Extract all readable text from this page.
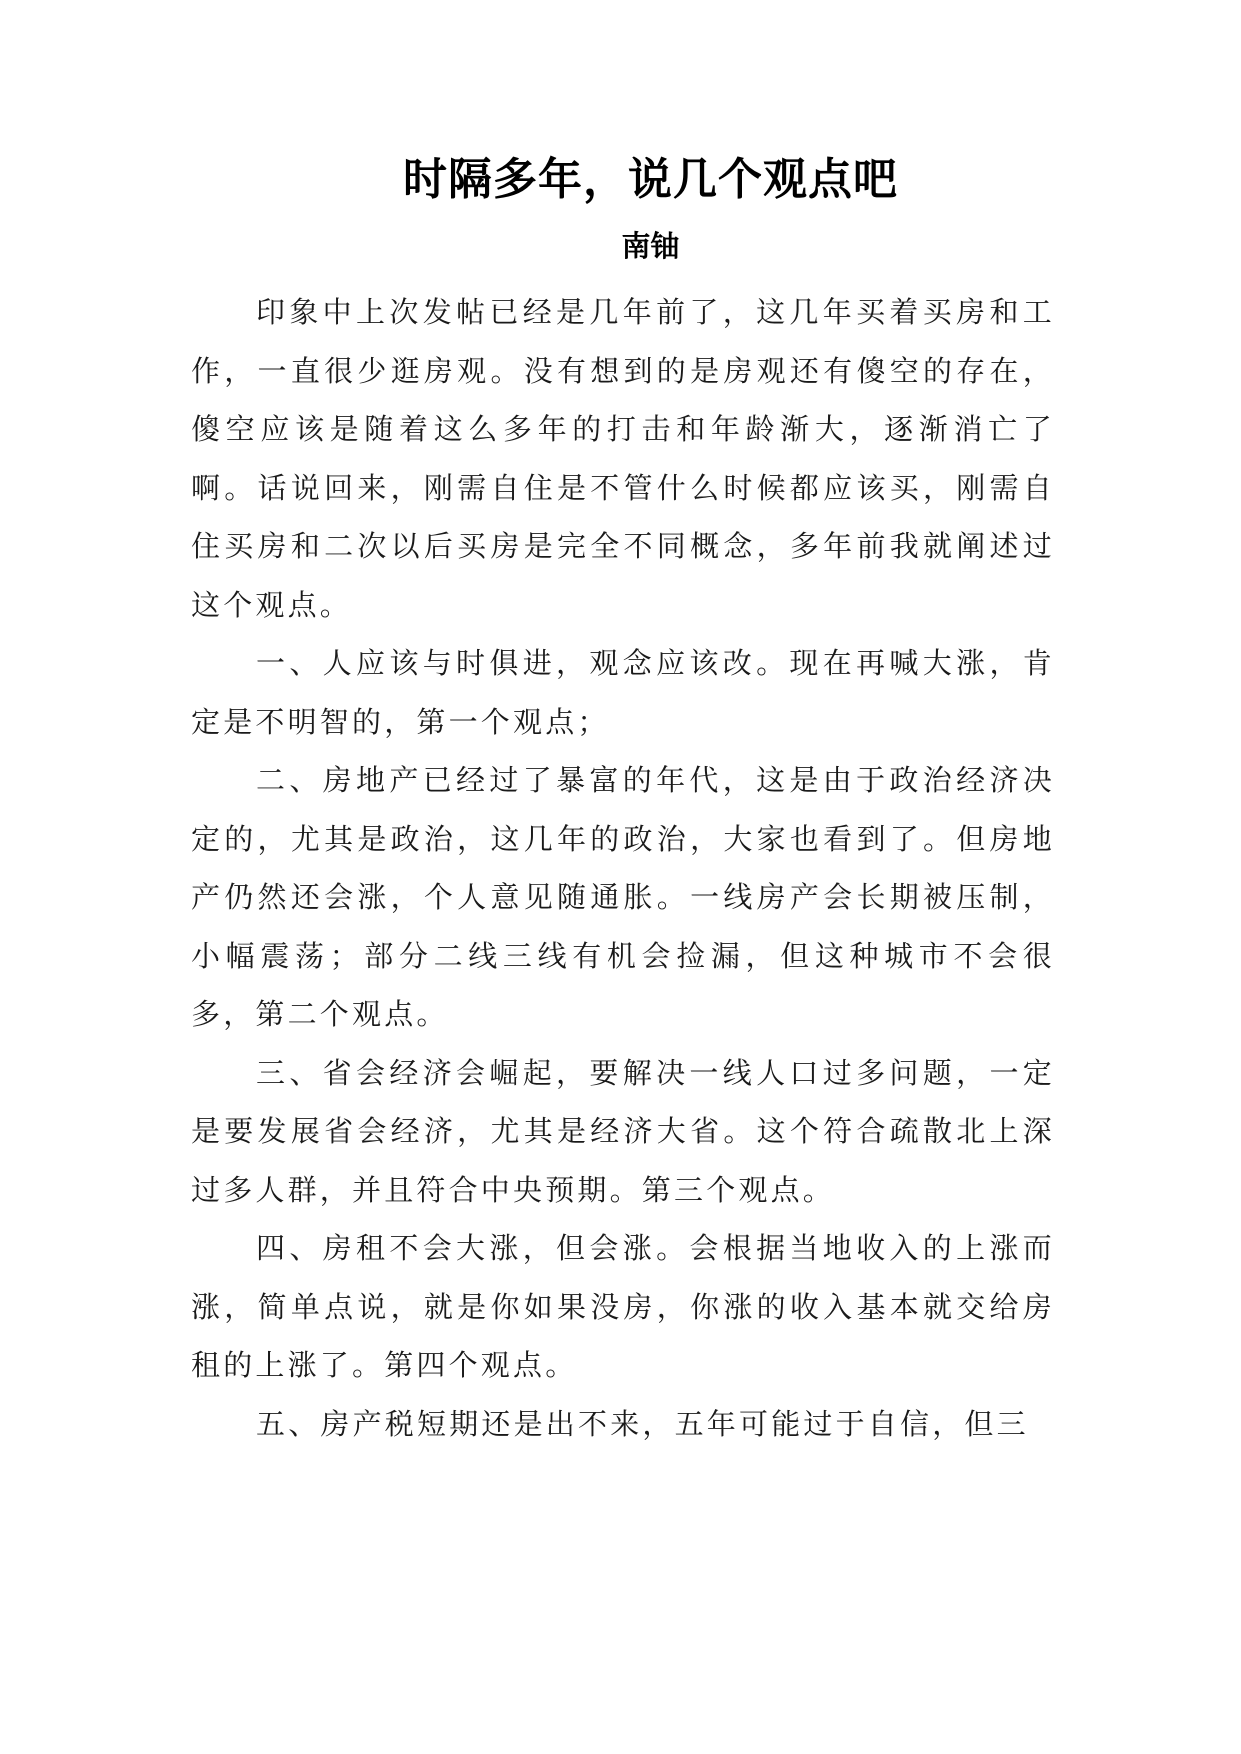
时隔多年，说几个观点吧
南铀

印象中上次发帖已经是几年前了，这几年买着买房和工作，一直很少逛房观。没有想到的是房观还有傻空的存在，傻空应该是随着这么多年的打击和年龄渐大，逐渐消亡了啊。话说回来，刚需自住是不管什么时候都应该买，刚需自住买房和二次以后买房是完全不同概念，多年前我就阐述过这个观点。

一、人应该与时俱进，观念应该改。现在再喊大涨，肯定是不明智的，第一个观点；

二、房地产已经过了暴富的年代，这是由于政治经济决定的，尤其是政治，这几年的政治，大家也看到了。但房地产仍然还会涨，个人意见随通胀。一线房产会长期被压制，小幅震荡；部分二线三线有机会捡漏，但这种城市不会很多，第二个观点。

三、省会经济会崛起，要解决一线人口过多问题，一定是要发展省会经济，尤其是经济大省。这个符合疏散北上深过多人群，并且符合中央预期。第三个观点。

四、房租不会大涨，但会涨。会根据当地收入的上涨而涨，简单点说，就是你如果没房，你涨的收入基本就交给房租的上涨了。第四个观点。

五、房产税短期还是出不来，五年可能过于自信，但三
